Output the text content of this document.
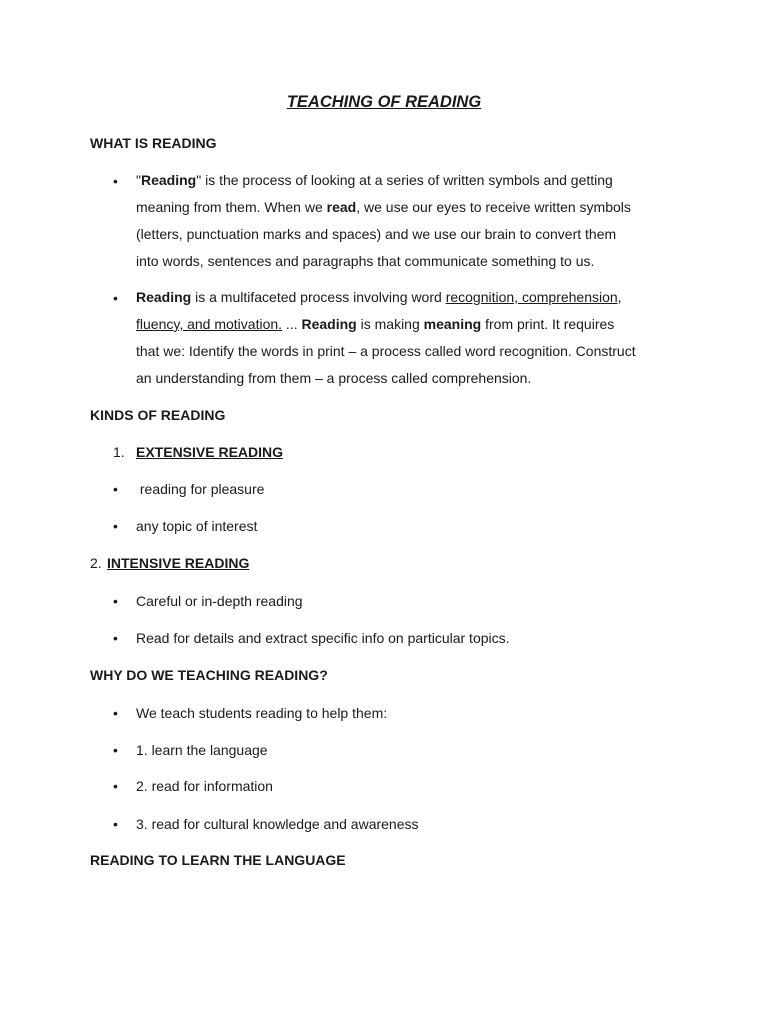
TEACHING OF READING
WHAT IS READING
• "Reading" is the process of looking at a series of written symbols and getting
meaning from them. When we read, we use our eyes to receive written symbols
(letters, punctuation marks and spaces) and we use our brain to convert them
into words, sentences and paragraphs that communicate something to us.
• Reading is a multifaceted process involving word recognition, comprehension,
fluency, and motivation. ... Reading is making meaning from print. It requires
that we: Identify the words in print – a process called word recognition. Construct
an understanding from them – a process called comprehension.
KINDS OF READING
1. EXTENSIVE READING
• reading for pleasure
• any topic of interest
2. INTENSIVE READING
• Careful or in-depth reading
• Read for details and extract specific info on particular topics.
WHY DO WE TEACHING READING?
• We teach students reading to help them:
• 1. learn the language
• 2. read for information
• 3. read for cultural knowledge and awareness
READING TO LEARN THE LANGUAGE
